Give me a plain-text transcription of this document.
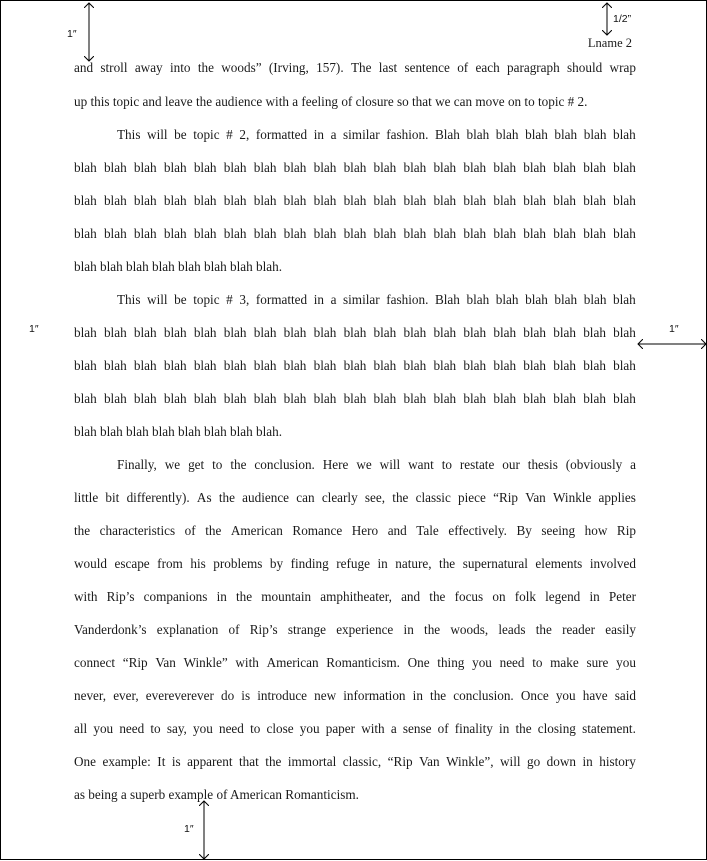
1″
1/2”
1″	1″
1″
Lname 2
and stroll away into the woods” (Irving, 157). The last sentence of each paragraph should wrap
up this topic and leave the audience with a feeling of closure so that we can move on to topic # 2.
This will be topic # 2, formatted in a similar fashion. Blah blah blah blah blah blah blah
blah blah blah blah blah blah blah blah blah blah blah blah blah blah blah blah blah blah blah
blah blah blah blah blah blah blah blah blah blah blah blah blah blah blah blah blah blah blah
blah blah blah blah blah blah blah blah blah blah blah blah blah blah blah blah blah blah blah
blah blah blah blah blah blah blah blah.
This will be topic # 3, formatted in a similar fashion. Blah blah blah blah blah blah blah
blah blah blah blah blah blah blah blah blah blah blah blah blah blah blah blah blah blah blah
blah blah blah blah blah blah blah blah blah blah blah blah blah blah blah blah blah blah blah
blah blah blah blah blah blah blah blah blah blah blah blah blah blah blah blah blah blah blah
blah blah blah blah blah blah blah blah.
Finally, we get to the conclusion. Here we will want to restate our thesis (obviously a
little bit differently). As the audience can clearly see, the classic piece “Rip Van Winkle applies
the characteristics of the American Romance Hero and Tale effectively. By seeing how Rip
would escape from his problems by finding refuge in nature, the supernatural elements involved
with Rip’s companions in the mountain amphitheater, and the focus on folk legend in Peter
Vanderdonk’s explanation of Rip’s strange experience in the woods, leads the reader easily
connect “Rip Van Winkle” with American Romanticism. One thing you need to make sure you
never, ever, evereverever do is introduce new information in the conclusion. Once you have said
all you need to say, you need to close you paper with a sense of finality in the closing statement.
One example: It is apparent that the immortal classic, “Rip Van Winkle”, will go down in history
as being a superb example of American Romanticism.
